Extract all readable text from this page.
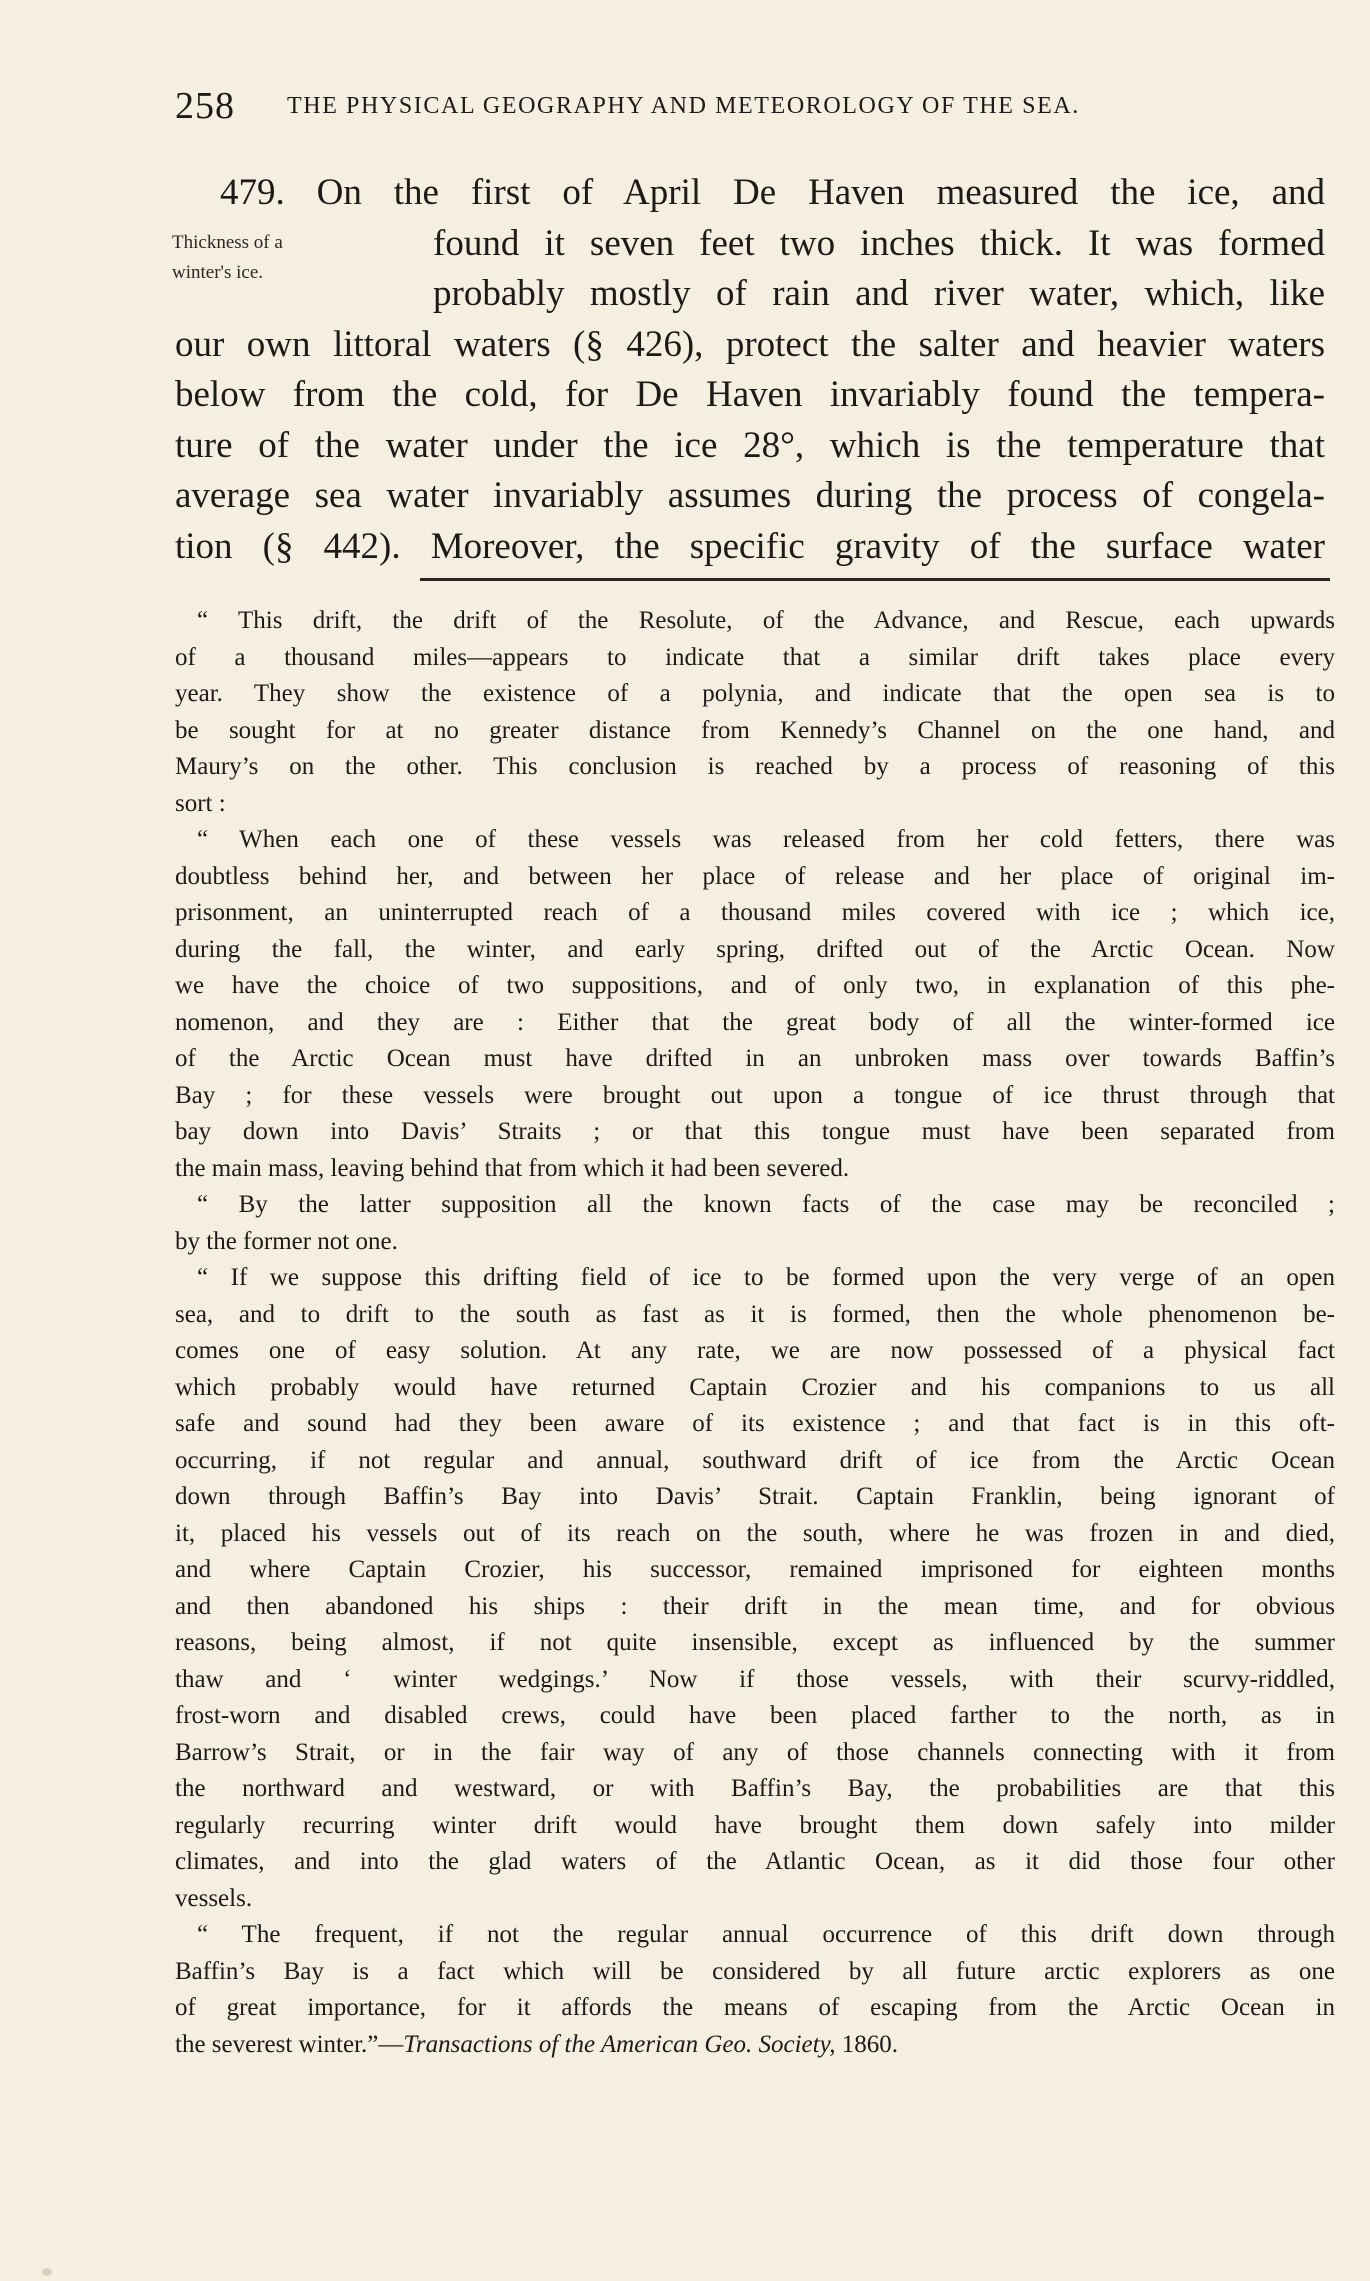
258 THE PHYSICAL GEOGRAPHY AND METEOROLOGY OF THE SEA.
Thickness of a
winter's ice.
479. On the first of April De Haven measured the ice, and
found it seven feet two inches thick. It was formed
probably mostly of rain and river water, which, like
our own littoral waters (§ 426), protect the salter and heavier waters
below from the cold, for De Haven invariably found the tempera-
ture of the water under the ice 28°, which is the temperature that
average sea water invariably assumes during the process of congela-
tion (§ 442). Moreover, the specific gravity of the surface water
“ This drift, the drift of the Resolute, of the Advance, and Rescue, each upwards
of a thousand miles—appears to indicate that a similar drift takes place every
year. They show the existence of a polynia, and indicate that the open sea is to
be sought for at no greater distance from Kennedy’s Channel on the one hand, and
Maury’s on the other. This conclusion is reached by a process of reasoning of this
sort :
“ When each one of these vessels was released from her cold fetters, there was
doubtless behind her, and between her place of release and her place of original im-
prisonment, an uninterrupted reach of a thousand miles covered with ice ; which ice,
during the fall, the winter, and early spring, drifted out of the Arctic Ocean. Now
we have the choice of two suppositions, and of only two, in explanation of this phe-
nomenon, and they are : Either that the great body of all the winter-formed ice
of the Arctic Ocean must have drifted in an unbroken mass over towards Baffin’s
Bay ; for these vessels were brought out upon a tongue of ice thrust through that
bay down into Davis’ Straits ; or that this tongue must have been separated from
the main mass, leaving behind that from which it had been severed.
“ By the latter supposition all the known facts of the case may be reconciled ;
by the former not one.
“ If we suppose this drifting field of ice to be formed upon the very verge of an open
sea, and to drift to the south as fast as it is formed, then the whole phenomenon be-
comes one of easy solution. At any rate, we are now possessed of a physical fact
which probably would have returned Captain Crozier and his companions to us all
safe and sound had they been aware of its existence ; and that fact is in this oft-
occurring, if not regular and annual, southward drift of ice from the Arctic Ocean
down through Baffin’s Bay into Davis’ Strait. Captain Franklin, being ignorant of
it, placed his vessels out of its reach on the south, where he was frozen in and died,
and where Captain Crozier, his successor, remained imprisoned for eighteen months
and then abandoned his ships : their drift in the mean time, and for obvious
reasons, being almost, if not quite insensible, except as influenced by the summer
thaw and ‘ winter wedgings.’ Now if those vessels, with their scurvy-riddled,
frost-worn and disabled crews, could have been placed farther to the north, as in
Barrow’s Strait, or in the fair way of any of those channels connecting with it from
the northward and westward, or with Baffin’s Bay, the probabilities are that this
regularly recurring winter drift would have brought them down safely into milder
climates, and into the glad waters of the Atlantic Ocean, as it did those four other
vessels.
“ The frequent, if not the regular annual occurrence of this drift down through
Baffin’s Bay is a fact which will be considered by all future arctic explorers as one
of great importance, for it affords the means of escaping from the Arctic Ocean in
the severest winter.”—Transactions of the American Geo. Society, 1860.
